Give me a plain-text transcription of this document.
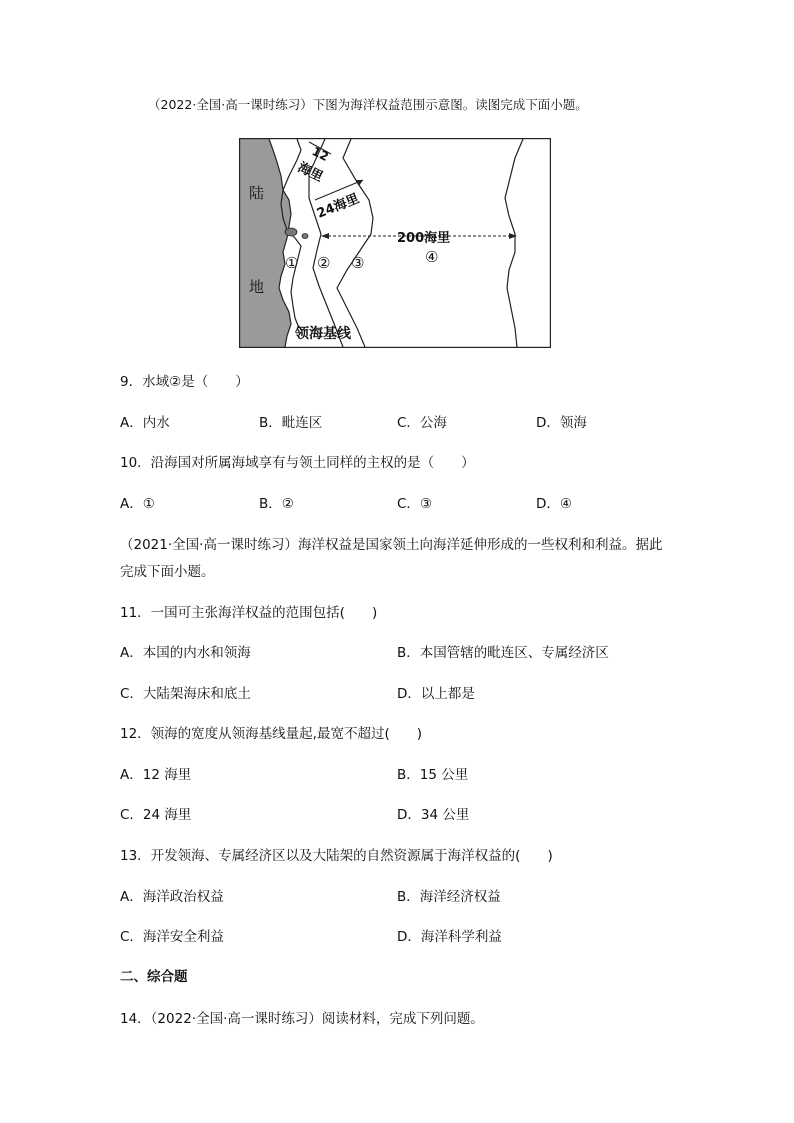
（2022·全国·高一课时练习）下图为海洋权益范围示意图。读图完成下面小题。
陆
地
12
海里
24海里
200海里
① ② ③	④
领海基线
9．水域②是（　　）
A．内水	B．毗连区	C．公海	D．领海
10．沿海国对所属海域享有与领土同样的主权的是（　　）
A．①	B．②	C．③	D．④
（2021·全国·高一课时练习）海洋权益是国家领土向海洋延伸形成的一些权利和利益。据此
完成下面小题。
11．一国可主张海洋权益的范围包括(　　)
A．本国的内水和领海	B．本国管辖的毗连区、专属经济区
C．大陆架海床和底土	D．以上都是
12．领海的宽度从领海基线量起,最宽不超过(　　)
A．12 海里	B．15 公里
C．24 海里	D．34 公里
13．开发领海、专属经济区以及大陆架的自然资源属于海洋权益的(　　)
A．海洋政治权益	B．海洋经济权益
C．海洋安全利益	D．海洋科学利益
二、综合题
14．（2022·全国·高一课时练习）阅读材料，完成下列问题。
